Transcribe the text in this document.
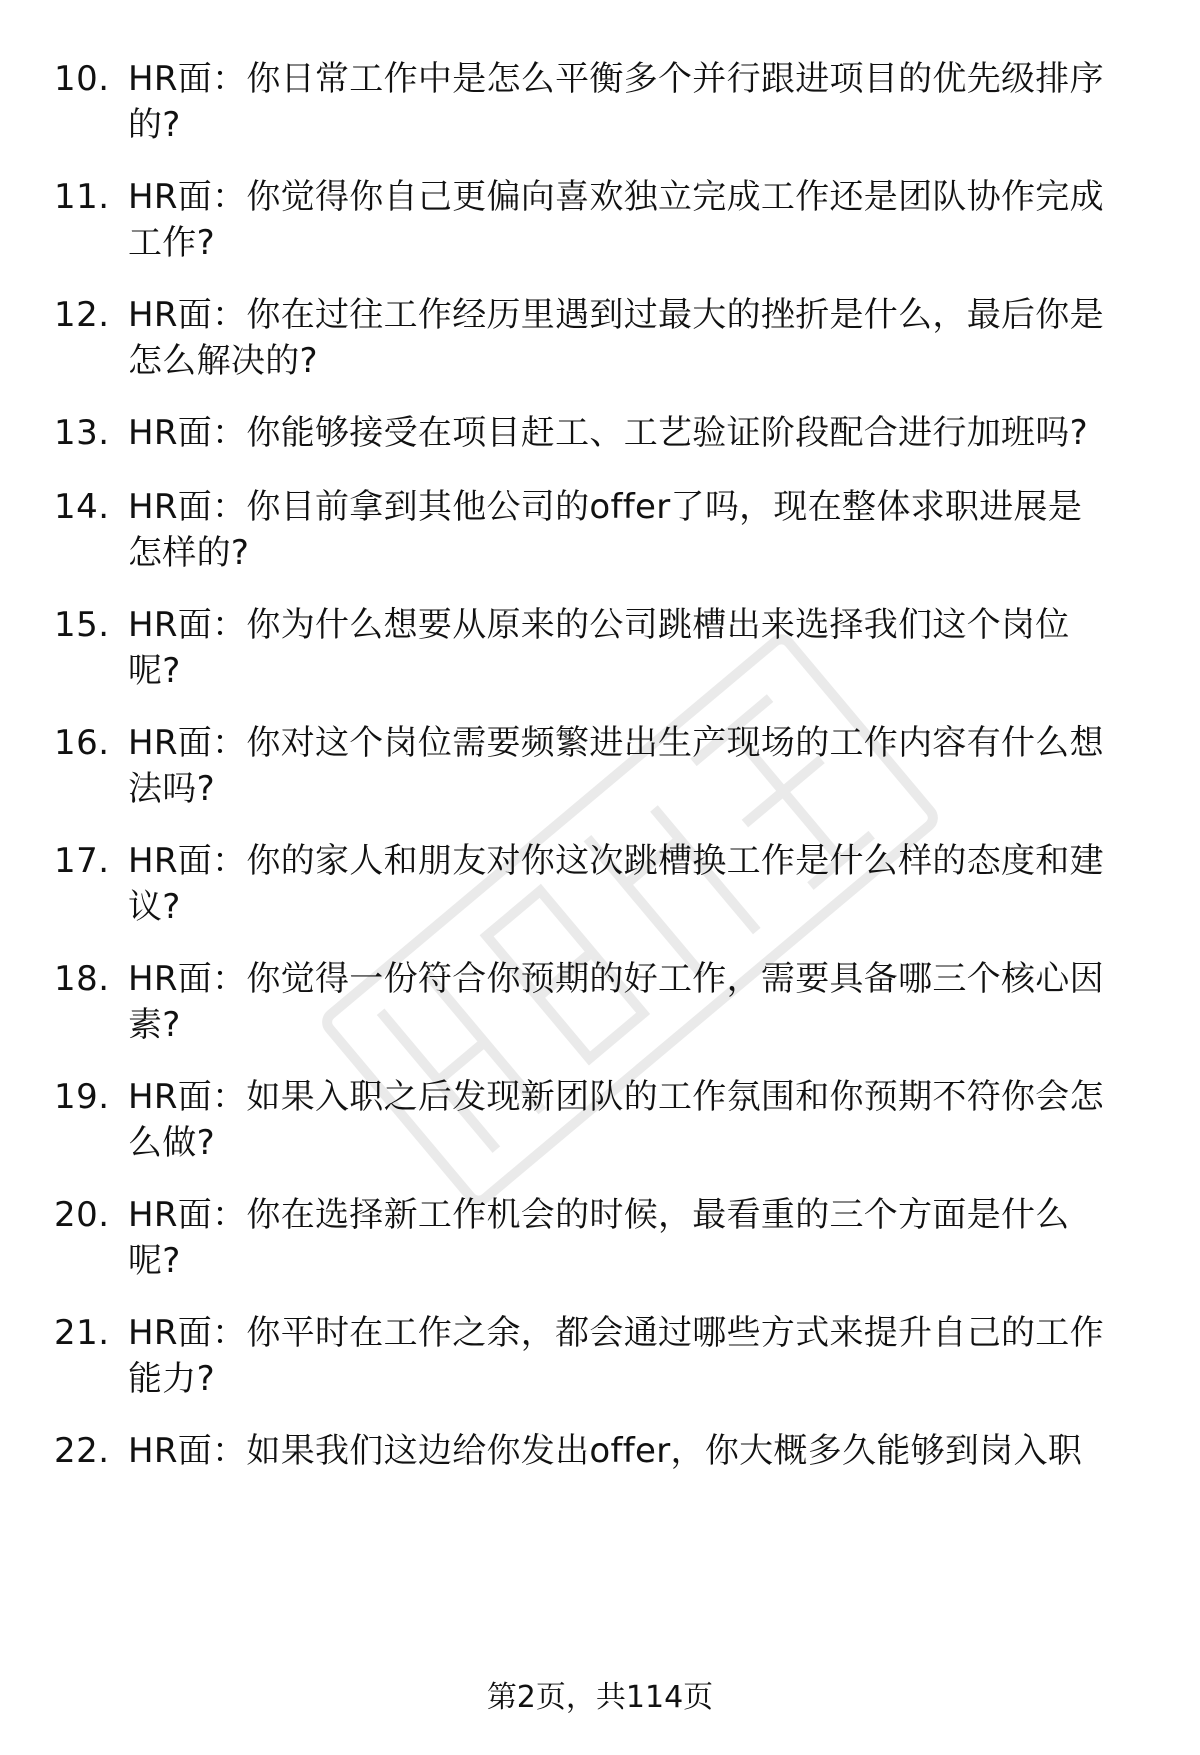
10. HR面：你日常工作中是怎么平衡多个并行跟进项目的优先级排序
的?
11. HR面：你觉得你自己更偏向喜欢独立完成工作还是团队协作完成
工作?
12. HR面：你在过往工作经历里遇到过最大的挫折是什么，最后你是
怎么解决的?
13. HR面：你能够接受在项目赶工、工艺验证阶段配合进行加班吗?
14. HR面：你目前拿到其他公司的offer了吗，现在整体求职进展是
怎样的?
15. HR面：你为什么想要从原来的公司跳槽出来选择我们这个岗位
呢?
16. HR面：你对这个岗位需要频繁进出生产现场的工作内容有什么想
法吗?
17. HR面：你的家人和朋友对你这次跳槽换工作是什么样的态度和建
议?
18. HR面：你觉得一份符合你预期的好工作，需要具备哪三个核心因
素?
19. HR面：如果入职之后发现新团队的工作氛围和你预期不符你会怎
么做?
20. HR面：你在选择新工作机会的时候，最看重的三个方面是什么
呢?
21. HR面：你平时在工作之余，都会通过哪些方式来提升自己的工作
能力?
22. HR面：如果我们这边给你发出offer，你大概多久能够到岗入职
第2页，共114页
